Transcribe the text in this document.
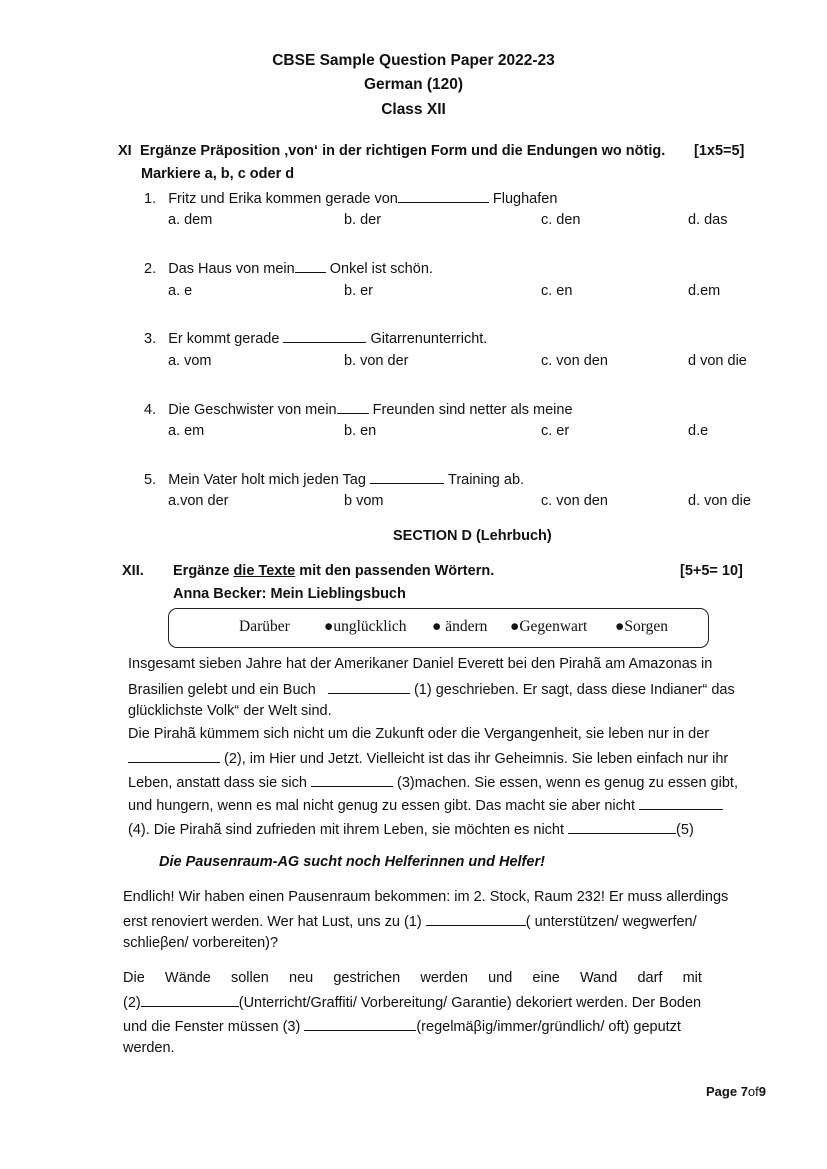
CBSE Sample Question Paper 2022-23
German (120)
Class XII
XI Ergänze Präposition ‚von‘ in der richtigen Form und die Endungen wo nötig. [1x5=5]
Markiere a, b, c oder d
1. Fritz und Erika kommen gerade von	Flughafen
a. dem	b. der	c. den	d. das
2. Das Haus von mein Onkel ist schön.
a. e	b. er	c. en	d.em
3. Er kommt gerade	Gitarrenunterricht.
a. vom	b. von der	c. von den	d von die
4. Die Geschwister von mein Freunden sind netter als meine
a. em	b. en	c. er	d.e
5. Mein Vater holt mich jeden Tag	Training ab.
a.von der	b vom	c. von den	d. von die
SECTION D (Lehrbuch)
XII. Ergänze die Texte mit den passenden Wörtern.	[5+5= 10]
Anna Becker: Mein Lieblingsbuch
Darüber ●unglücklich ● ändern ●Gegenwart ●Sorgen
Insgesamt sieben Jahre hat der Amerikaner Daniel Everett bei den Pirahã am Amazonas in
Brasilien gelebt und ein Buch	(1) geschrieben. Er sagt, dass diese Indianer“ das
glücklichste Volk“ der Welt sind.
Die Pirahã kümmem sich nicht um die Zukunft oder die Vergangenheit, sie leben nur in der
(2), im Hier und Jetzt. Vielleicht ist das ihr Geheimnis. Sie leben einfach nur ihr
Leben, anstatt dass sie sich	(3)machen. Sie essen, wenn es genug zu essen gibt,
und hungern, wenn es mal nicht genug zu essen gibt. Das macht sie aber nicht
(4). Die Pirahã sind zufrieden mit ihrem Leben, sie möchten es nicht	(5)
Die Pausenraum-AG sucht noch Helferinnen und Helfer!
Endlich! Wir haben einen Pausenraum bekommen: im 2. Stock, Raum 232! Er muss allerdings
erst renoviert werden. Wer hat Lust, uns zu (1)	( unterstützen/ wegwerfen/
schlieβen/ vorbereiten)?
Die     Wände     sollen     neu     gestrichen     werden     und     eine     Wand     darf     mit
(2)	(Unterricht/Graffiti/ Vorbereitung/ Garantie) dekoriert werden. Der Boden
und die Fenster müssen (3)	(regelmäβig/immer/gründlich/ oft) geputzt
werden.
Page 7of9
